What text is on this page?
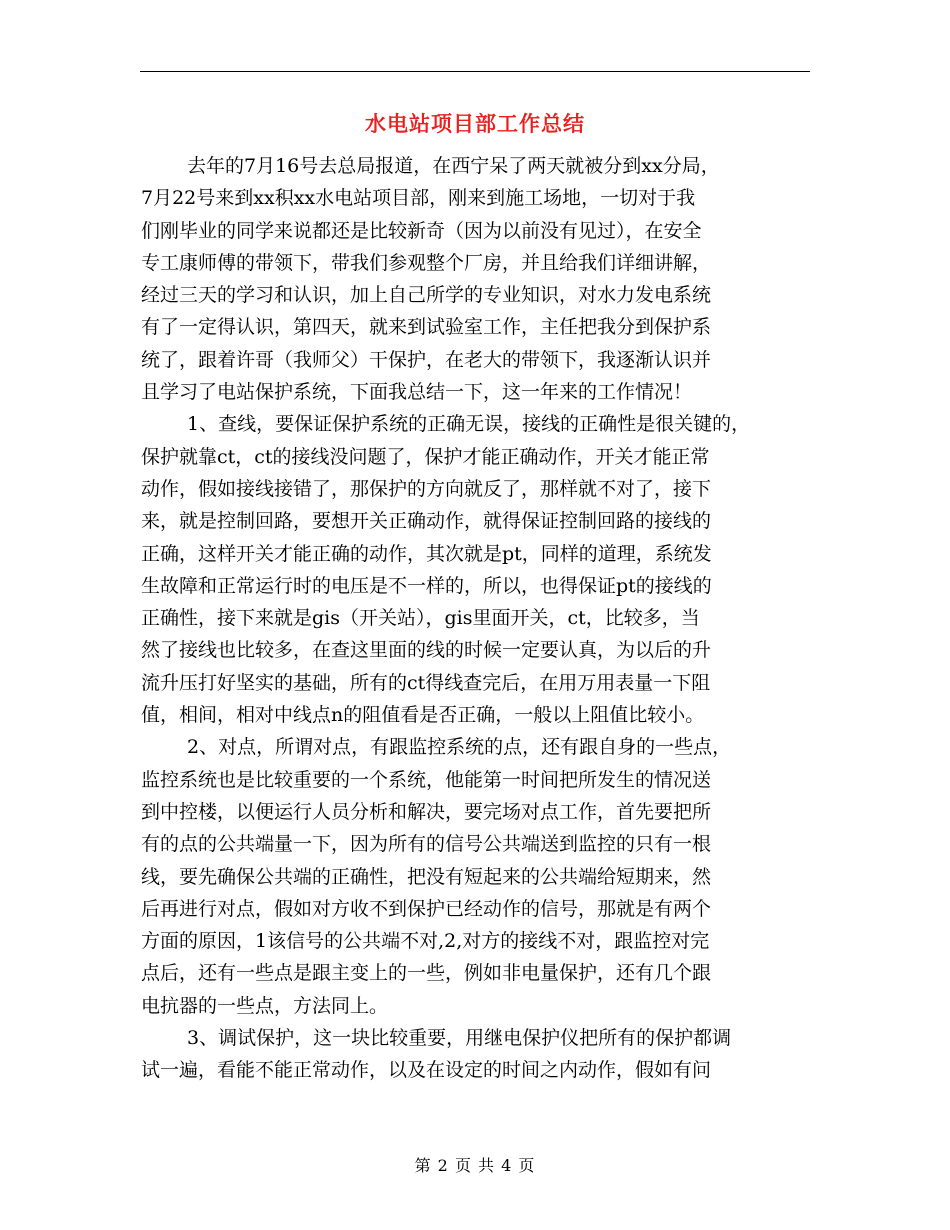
水电站项目部工作总结
去年的7月16号去总局报道，在西宁呆了两天就被分到xx分局，
7月22号来到xx积xx水电站项目部，刚来到施工场地，一切对于我
们刚毕业的同学来说都还是比较新奇（因为以前没有见过），在安全
专工康师傅的带领下，带我们参观整个厂房，并且给我们详细讲解，
经过三天的学习和认识，加上自己所学的专业知识，对水力发电系统
有了一定得认识，第四天，就来到试验室工作，主任把我分到保护系
统了，跟着许哥（我师父）干保护，在老大的带领下，我逐渐认识并
且学习了电站保护系统，下面我总结一下，这一年来的工作情况！
1、查线，要保证保护系统的正确无误，接线的正确性是很关键的，
保护就靠ct，ct的接线没问题了，保护才能正确动作，开关才能正常
动作，假如接线接错了，那保护的方向就反了，那样就不对了，接下
来，就是控制回路，要想开关正确动作，就得保证控制回路的接线的
正确，这样开关才能正确的动作，其次就是pt，同样的道理，系统发
生故障和正常运行时的电压是不一样的，所以，也得保证pt的接线的
正确性，接下来就是gis（开关站），gis里面开关，ct，比较多，当
然了接线也比较多，在查这里面的线的时候一定要认真，为以后的升
流升压打好坚实的基础，所有的ct得线查完后，在用万用表量一下阻
值，相间，相对中线点n的阻值看是否正确，一般以上阻值比较小。
2、对点，所谓对点，有跟监控系统的点，还有跟自身的一些点，
监控系统也是比较重要的一个系统，他能第一时间把所发生的情况送
到中控楼，以便运行人员分析和解决，要完场对点工作，首先要把所
有的点的公共端量一下，因为所有的信号公共端送到监控的只有一根
线，要先确保公共端的正确性，把没有短起来的公共端给短期来，然
后再进行对点，假如对方收不到保护已经动作的信号，那就是有两个
方面的原因，1该信号的公共端不对,2,对方的接线不对，跟监控对完
点后，还有一些点是跟主变上的一些，例如非电量保护，还有几个跟
电抗器的一些点，方法同上。
3、调试保护，这一块比较重要，用继电保护仪把所有的保护都调
试一遍，看能不能正常动作，以及在设定的时间之内动作，假如有问
第 2 页 共 4 页
